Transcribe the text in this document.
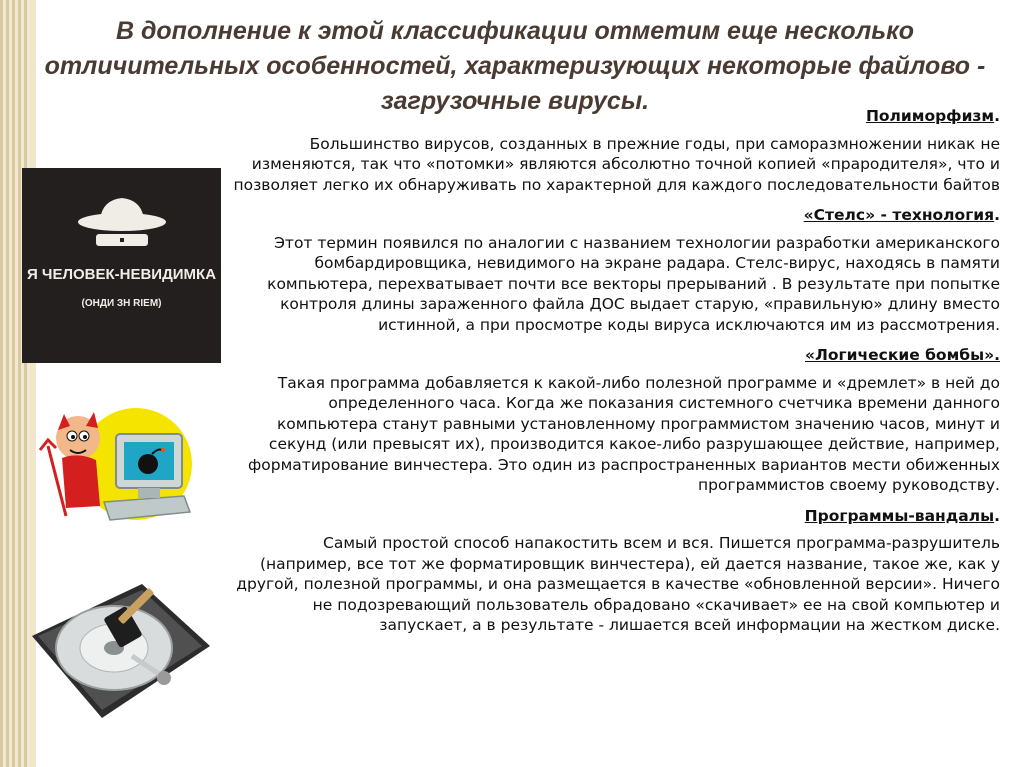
В дополнение к этой классификации отметим еще несколько отличительных особенностей, характеризующих некоторые файлово - загрузочные вирусы.
Я ЧЕЛОВЕК-НЕВИДИМКА
(ОНДИ ЗН RIEM)
Полиморфизм.
Большинство вирусов, созданных в прежние годы, при саморазмножении никак не изменяются, так что «потомки» являются абсолютно точной копией «прародителя», что и позволяет легко их обнаруживать по характерной для каждого последовательности байтов
«Стелс» - технология.
Этот термин появился по аналогии с названием технологии разработки американского бомбардировщика, невидимого на экране радара. Стелс-вирус, находясь в памяти компьютера, перехватывает почти все векторы прерываний . В результате при попытке контроля длины зараженного файла ДОС выдает старую, «правильную» длину вместо истинной, а при просмотре коды вируса исключаются им из рассмотрения.
«Логические бомбы».
Такая программа добавляется к какой-либо полезной программе и «дремлет» в ней до определенного часа. Когда же показания системного счетчика времени данного компьютера станут равными установленному программистом значению часов, минут и секунд (или превысят их), производится какое-либо разрушающее действие, например, форматирование винчестера. Это один из распространенных вариантов мести обиженных программистов своему руководству.
Программы-вандалы.
Самый простой способ напакостить всем и вся. Пишется программа-разрушитель (например, все тот же форматировщик винчестера), ей дается название, такое же, как у другой, полезной программы, и она размещается в качестве «обновленной версии». Ничего не подозревающий пользователь обрадовано «скачивает» ее на свой компьютер и запускает, а в результате - лишается всей информации на жестком диске.
